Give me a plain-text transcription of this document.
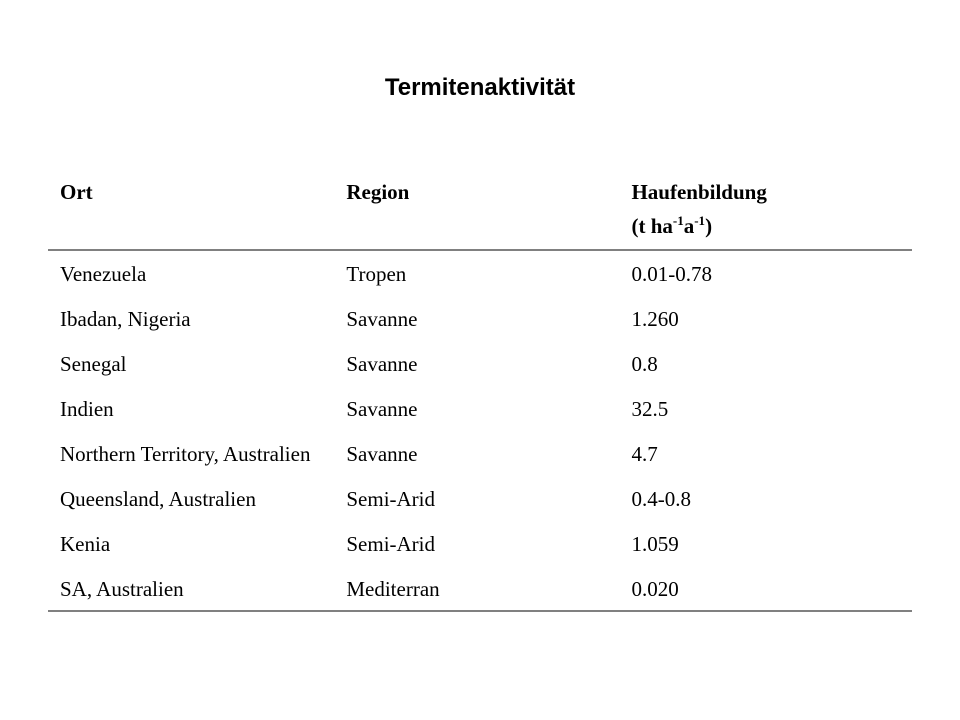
Termitenaktivität
Ort	Region	Haufenbildung
(t $ha^{-1}a^{-1}$)

Venezuela	Tropen	0.01-0.78
Ibadan, Nigeria	Savanne	1.260
Senegal	Savanne	0.8
Indien	Savanne	32.5
Northern Territory, Australien	Savanne	4.7
Queensland, Australien	Semi-Arid	0.4-0.8
Kenia	Semi-Arid	1.059
SA, Australien	Mediterran	0.020
